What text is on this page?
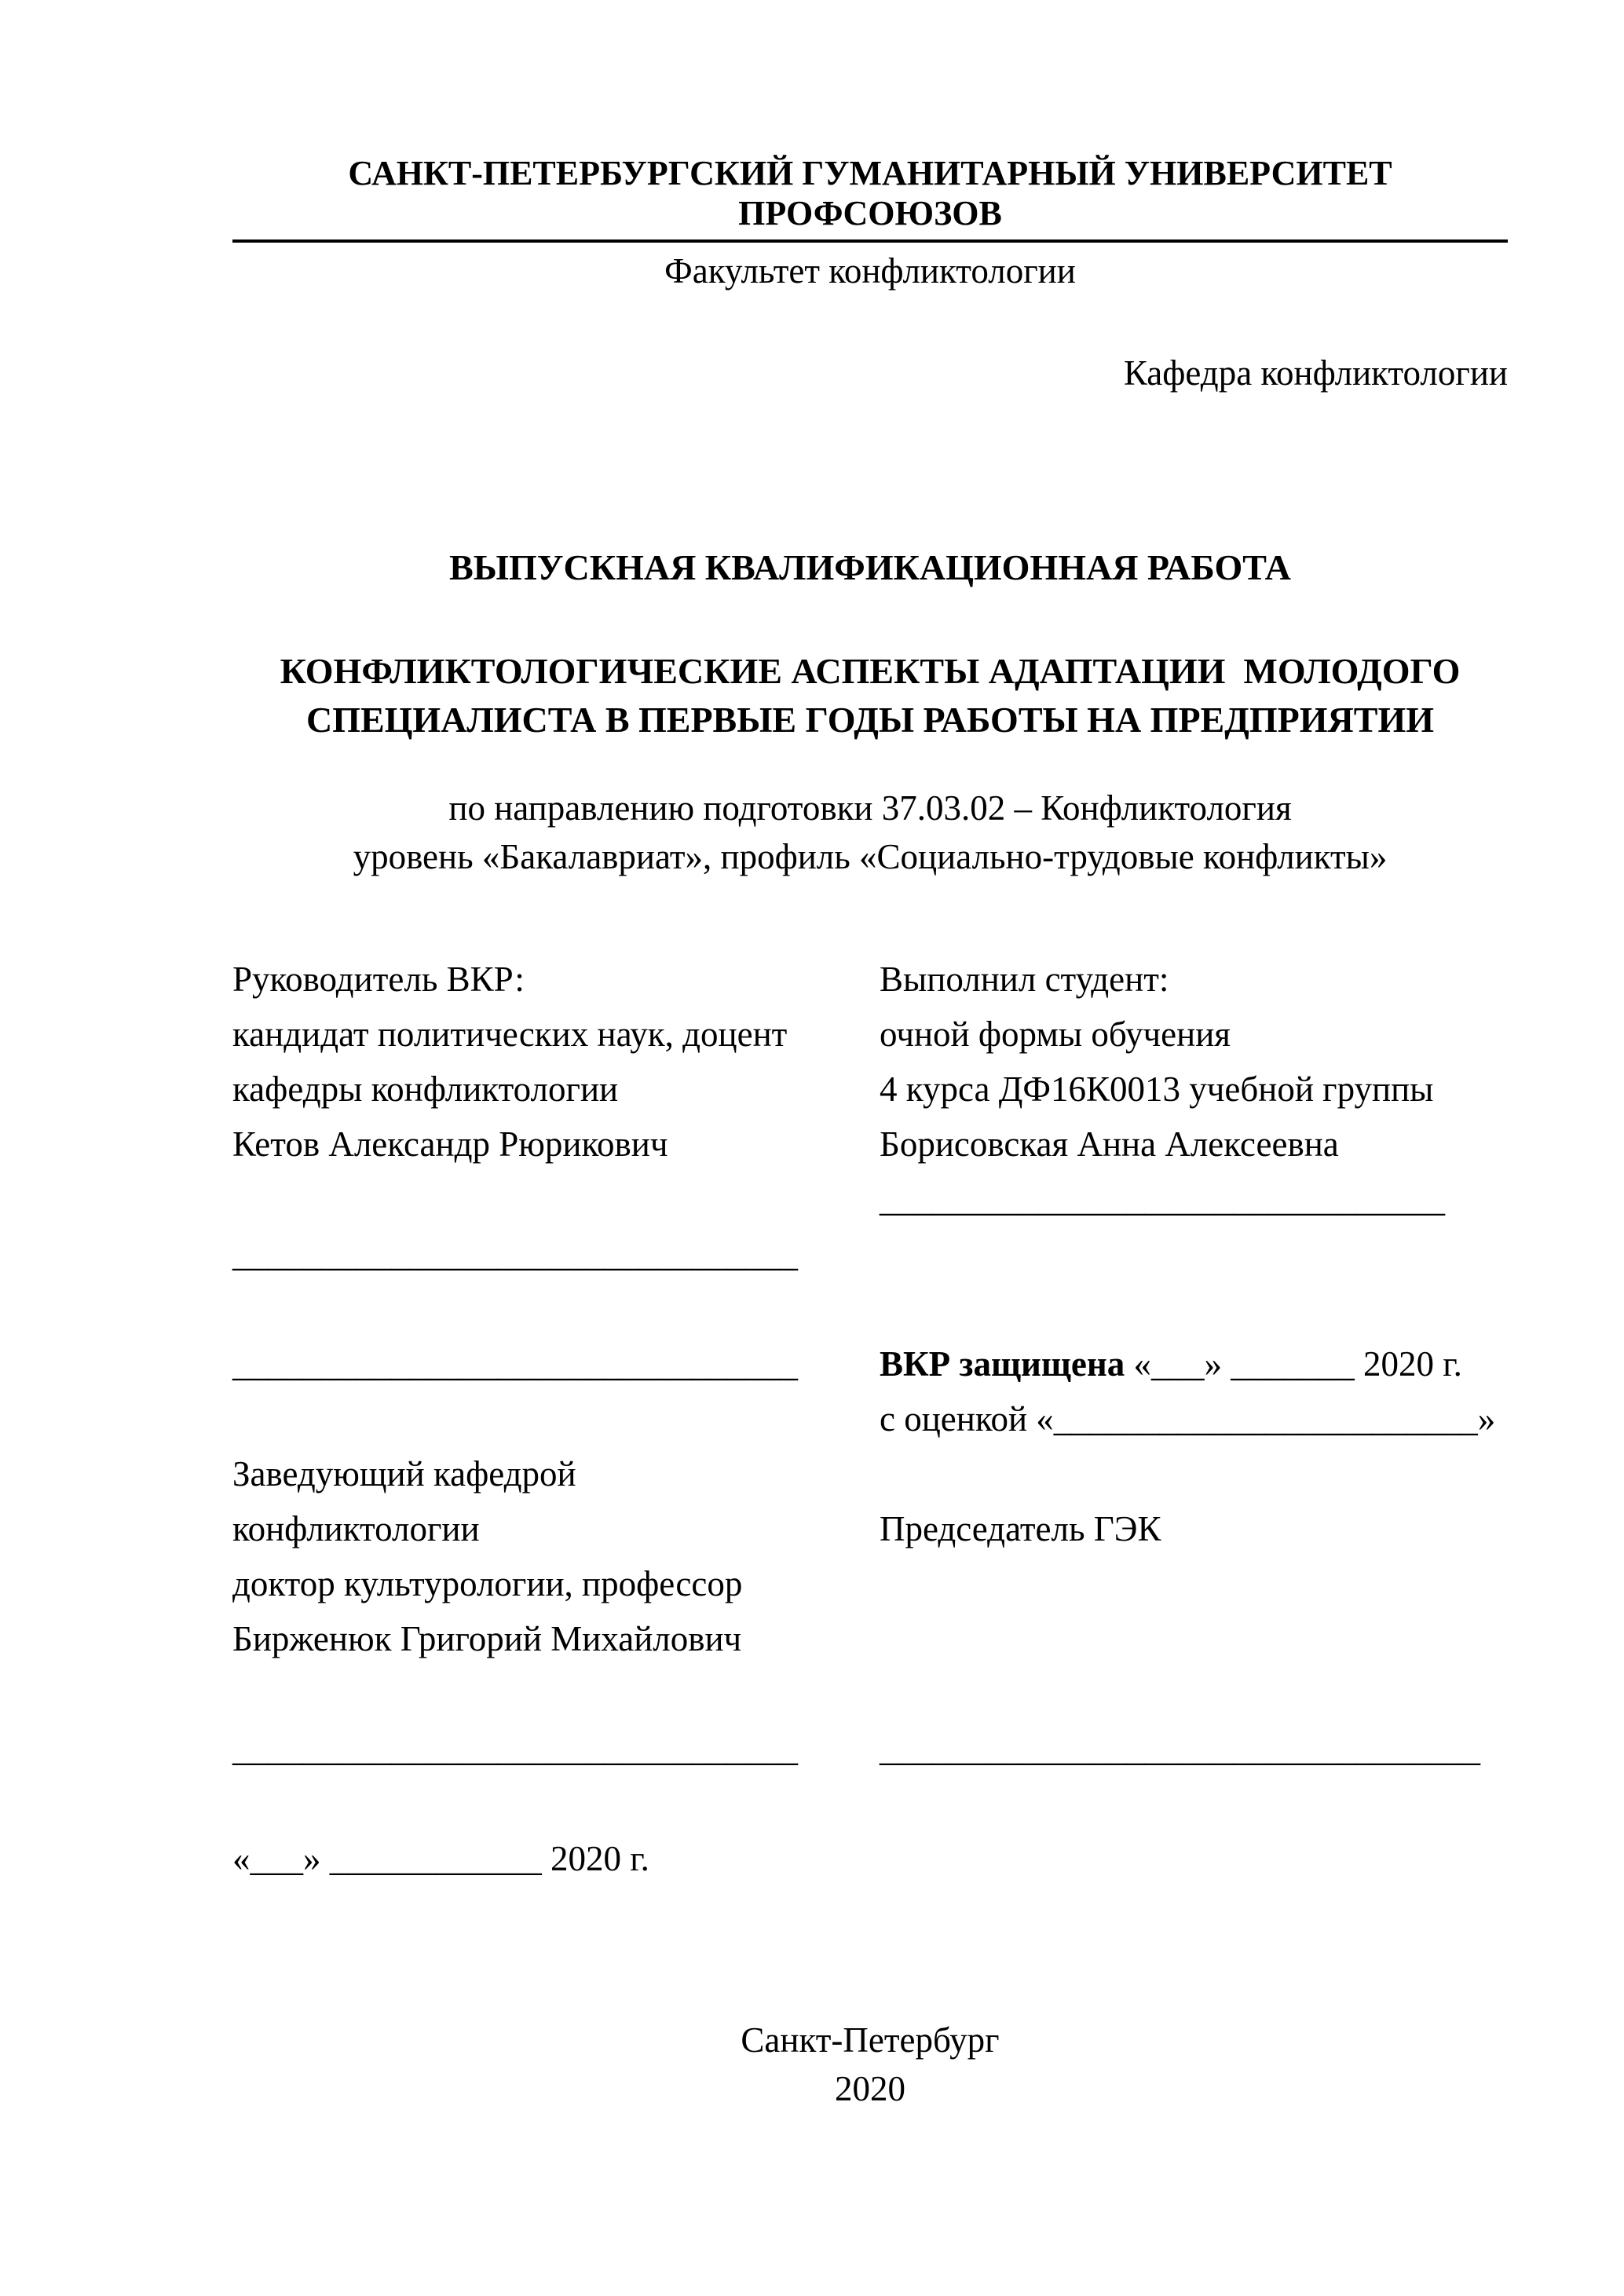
САНКТ-ПЕТЕРБУРГСКИЙ ГУМАНИТАРНЫЙ УНИВЕРСИТЕТ ПРОФСОЮЗОВ
Факультет конфликтологии
Кафедра конфликтологии
ВЫПУСКНАЯ КВАЛИФИКАЦИОННАЯ РАБОТА
КОНФЛИКТОЛОГИЧЕСКИЕ АСПЕКТЫ АДАПТАЦИИ  МОЛОДОГО
СПЕЦИАЛИСТА В ПЕРВЫЕ ГОДЫ РАБОТЫ НА ПРЕДПРИЯТИИ
по направлению подготовки 37.03.02 – Конфликтология
уровень «Бакалавриат», профиль «Социально-трудовые конфликты»
Руководитель ВКР:	Выполнил студент:
кандидат политических наук, доцент	очной формы обучения
кафедры конфликтологии	4 курса ДФ16К0013 учебной группы
Кетов Александр Рюрикович	Борисовская Анна Алексеевна
________________________________
________________________________
________________________________	ВКР защищена «___» _______ 2020 г.
с оценкой «________________________»
Заведующий кафедрой
конфликтологии	Председатель ГЭК
доктор культурологии, профессор
Бирженюк Григорий Михайлович
________________________________	__________________________________
«___» ____________ 2020 г.
Санкт-Петербург
2020
